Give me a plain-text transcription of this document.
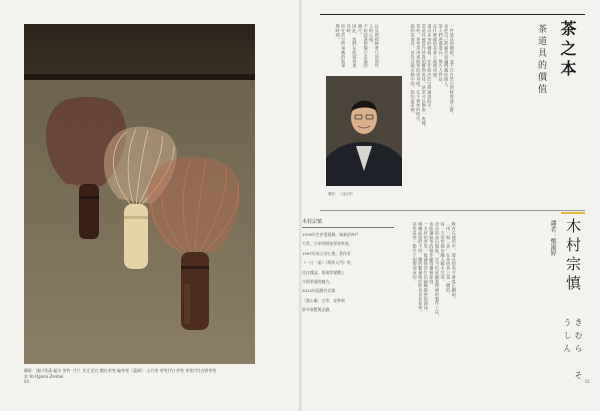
攝影：淺川秀彥 麗水 茶杓（竹）比左至右 穗打茶筅 輪茶筅（蓋刷） 山竹茶 茶筅(竹) 茶筅 茶筅(竹)吉野茶筅
© Yo Ogami Zenbei
60
以及曾經捧著它的那些人的心情。
不妨試著想像它走過的歲月，
因此，我們在欣賞茶道具時，
而在於它所承載的故事與時間。	一件道具的價值，並不只在於它的材質或工藝，
也把自己的審美意識傳遞給後人。
茶人們透過道具，與古人對話，
在什麼樣的茶會上被使用過。
道具本身的價值，往往取決於它經過誰的手、
茶道具被當作珍貴的寶物看待，甚至可以換取一座城。
茶杓、茶筅等用來點茶的道具吧。在千利休的時代，
說到茶道具，首先浮現在腦中的，恐怕是茶碗、	茶道具的價值 茶之本
攝影：三浦正則
木村宗慎
1976年生於愛媛縣，畢業於神戶
大學，少年時開始學習茶道，
1997年成立芳心會。著作有
《一日一菓》《利休入門》等，
也在雜誌、電視等媒體上
介紹茶道的魅力。
2014年起擔任京都
「露心庵」主宰，並參與
眾多展覽與企劃。
唯有在使用中，道具的美才會真正顯現。
「用」與「美」在茶道具上是一體的，
每一支茶筅都由職人親手完成。
奈良的高山地區，至今仍延續著傳統的製作工法，
也能讓點茶的動作顯得優雅從容。
一支好的茶筅，能讓抹茶打出細緻綿密的泡沫，
根據流派的不同，穗的數量與形狀也各有差異。
茶筅是用一節竹子削製而成的，	譯者：鄭淑婷 木村宗慎
きむら そうしん
61
